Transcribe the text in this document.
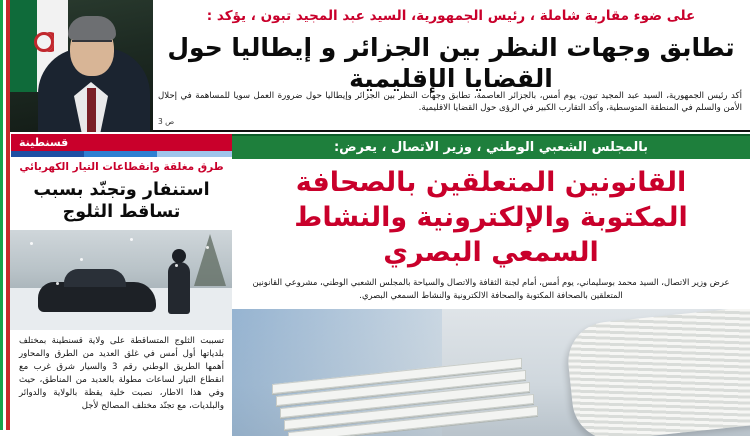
على ضوء مقاربة شاملة ، رئيس الجمهورية، السيد عبد المجيد تبون ، يؤكد :
تطابق وجهات النظر بين الجزائر و إيطاليا حول القضايا الإقليمية
أكد رئيس الجمهورية، السيد عبد المجيد تبون، يوم أمس، بالجزائر العاصمة، تطابق وجهات النظر بين الجزائر وإيطاليا حول ضرورة العمل سويا للمساهمة في إحلال الأمن والسلم في المنطقة المتوسطية، وأكد التقارب الكبير في الرؤى حول القضايا الاقليمية.
ص 3
قسنطينة
طرق مغلقة وانقطاعات التيار الكهربائي
استنفار وتجنّد بسبب تساقط الثلوج
تسببت الثلوج المتساقطة على ولاية قسنطينة بمختلف بلدياتها أول أمس في غلق العديد من الطرق والمحاور أهمها الطريق الوطني رقم 3 والسيار شرق غرب مع انقطاع التيار لساعات مطولة بالعديد من المناطق، حيث وفي هذا الاطار، نصبت خلية يقظة بالولاية والدوائر والبلديات، مع تجنّد مختلف المصالح لأجل
بالمجلس الشعبي الوطني ، وزير الاتصال ، يعرض:
القانونين المتعلقين بالصحافة المكتوبة والإلكترونية والنشاط السمعي البصري
عرض وزير الاتصال، السيد محمد بوسليماني، يوم أمس، أمام لجنة الثقافة والاتصال والسياحة بالمجلس الشعبي الوطني، مشروعي القانونين المتعلقين بالصحافة المكتوبة والصحافة الالكترونية والنشاط السمعي البصري.
